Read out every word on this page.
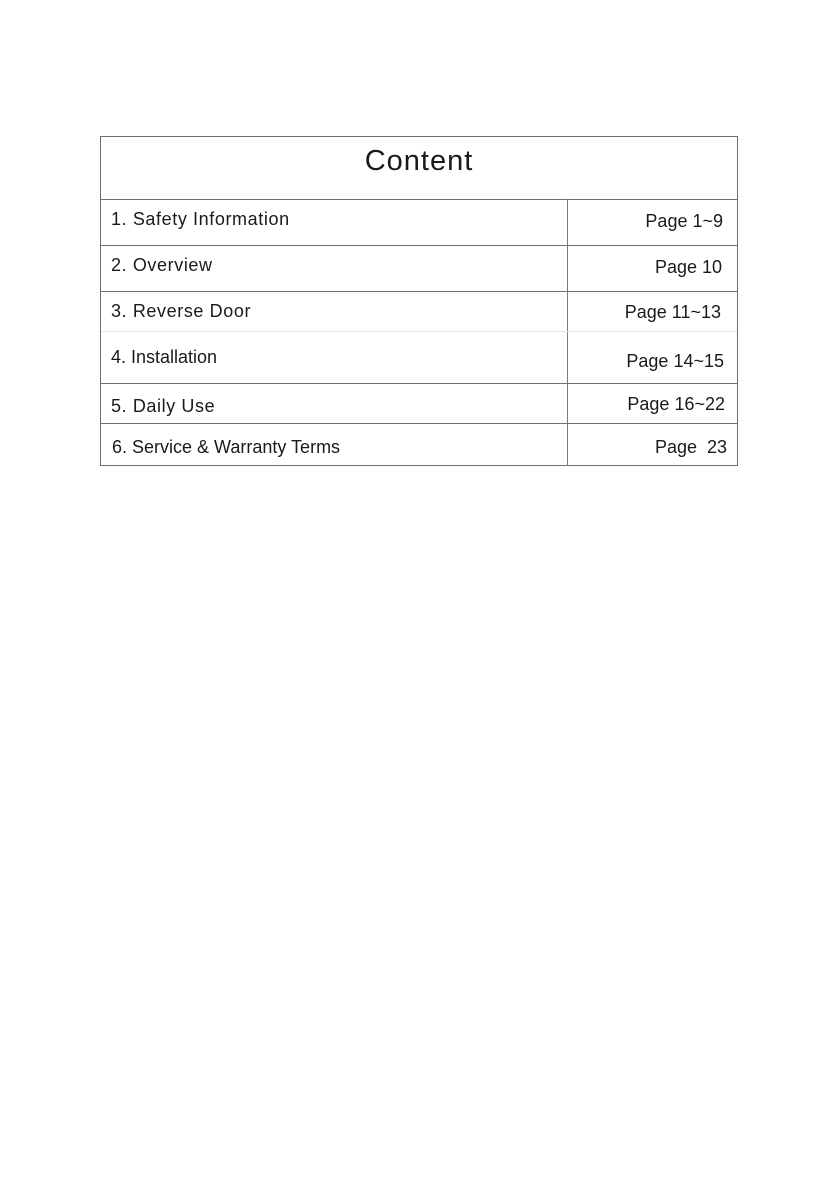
Content
1. Safety Information	Page 1~9
2. Overview	Page 10
3. Reverse Door	Page 11~13
4. Installation	Page 14~15
5. Daily Use	Page 16~22
6. Service & Warranty Terms	Page  23
